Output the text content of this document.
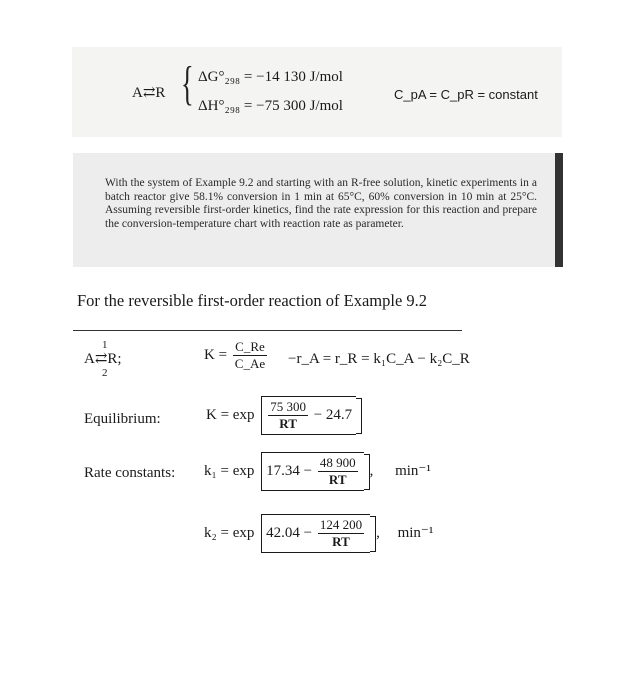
A⇄R { ΔG°₂₉₈ = −14 130 J/mol
ΔH°₂₉₈ = −75 300 J/mol
C_pA = C_pR = constant
With the system of Example 9.2 and starting with an R-free solution, kinetic experiments in a batch reactor give 58.1% conversion in 1 min at 65°C, 60% conversion in 10 min at 25°C. Assuming reversible first-order kinetics, find the rate expression for this reaction and prepare the conversion-temperature chart with reaction rate as parameter.
For the reversible first-order reaction of Example 9.2
A⇄R;
1
2
$K = \frac{C\_Re}{C\_Ae}$ −r_A = r_R = k₁C_A − k₂C_R
Equilibrium:	$K = \exp \frac{75 300}{RT} - 24.7$
Rate constants: $k_1 = \exp 17.34 - \frac{48 900}{RT}$ , min⁻¹
$k_2 = \exp 42.04 - \frac{124 200}{RT}$ , min⁻¹
